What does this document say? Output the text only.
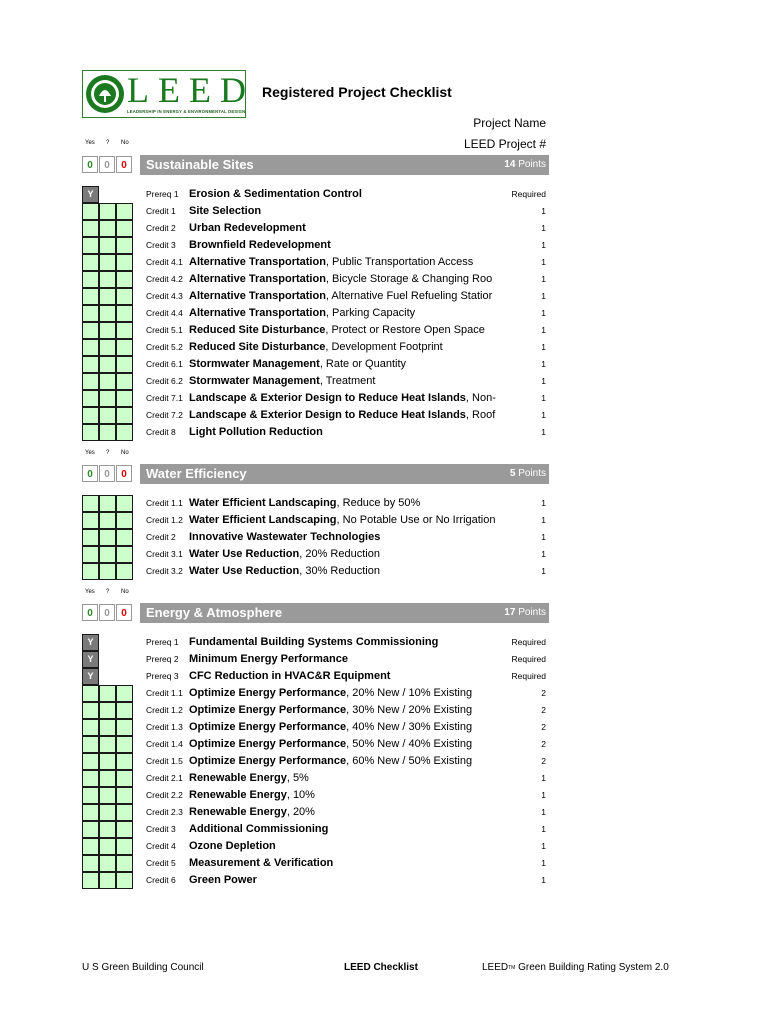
LEED
LEADERSHIP IN ENERGY & ENVIRONMENTAL DESIGN
Registered Project Checklist
Project Name
LEED Project #
Yes ? No
0	0	0	Sustainable Sites	14 Points
Y	Prereq 1 Erosion & Sedimentation Control	Required
Credit 1 Site Selection	1
Credit 2 Urban Redevelopment	1
Credit 3 Brownfield Redevelopment	1
Credit 4.1 Alternative Transportation, Public Transportation Access	1
Credit 4.2 Alternative Transportation, Bicycle Storage & Changing Roo	1
Credit 4.3 Alternative Transportation, Alternative Fuel Refueling Statior	1
Credit 4.4 Alternative Transportation, Parking Capacity	1
Credit 5.1 Reduced Site Disturbance, Protect or Restore Open Space	1
Credit 5.2 Reduced Site Disturbance, Development Footprint	1
Credit 6.1 Stormwater Management, Rate or Quantity	1
Credit 6.2 Stormwater Management, Treatment	1
Credit 7.1 Landscape & Exterior Design to Reduce Heat Islands, Non-	1
Credit 7.2 Landscape & Exterior Design to Reduce Heat Islands, Roof	1
Credit 8 Light Pollution Reduction	1
Yes ? No
0	0	0	Water Efficiency	5 Points
Credit 1.1 Water Efficient Landscaping, Reduce by 50%	1
Credit 1.2 Water Efficient Landscaping, No Potable Use or No Irrigation	1
Credit 2 Innovative Wastewater Technologies	1
Credit 3.1 Water Use Reduction, 20% Reduction	1
Credit 3.2 Water Use Reduction, 30% Reduction	1
Yes ? No
0	0	0	Energy & Atmosphere	17 Points
Y	Prereq 1 Fundamental Building Systems Commissioning	Required
Y	Prereq 2 Minimum Energy Performance	Required
Y	Prereq 3 CFC Reduction in HVAC&R Equipment	Required
Credit 1.1 Optimize Energy Performance, 20% New / 10% Existing	2
Credit 1.2 Optimize Energy Performance, 30% New / 20% Existing	2
Credit 1.3 Optimize Energy Performance, 40% New / 30% Existing	2
Credit 1.4 Optimize Energy Performance, 50% New / 40% Existing	2
Credit 1.5 Optimize Energy Performance, 60% New / 50% Existing	2
Credit 2.1 Renewable Energy, 5%	1
Credit 2.2 Renewable Energy, 10%	1
Credit 2.3 Renewable Energy, 20%	1
Credit 3 Additional Commissioning	1
Credit 4 Ozone Depletion	1
Credit 5 Measurement & Verification	1
Credit 6 Green Power	1
U S Green Building Council	LEED Checklist	LEEDTM Green Building Rating System 2.0
